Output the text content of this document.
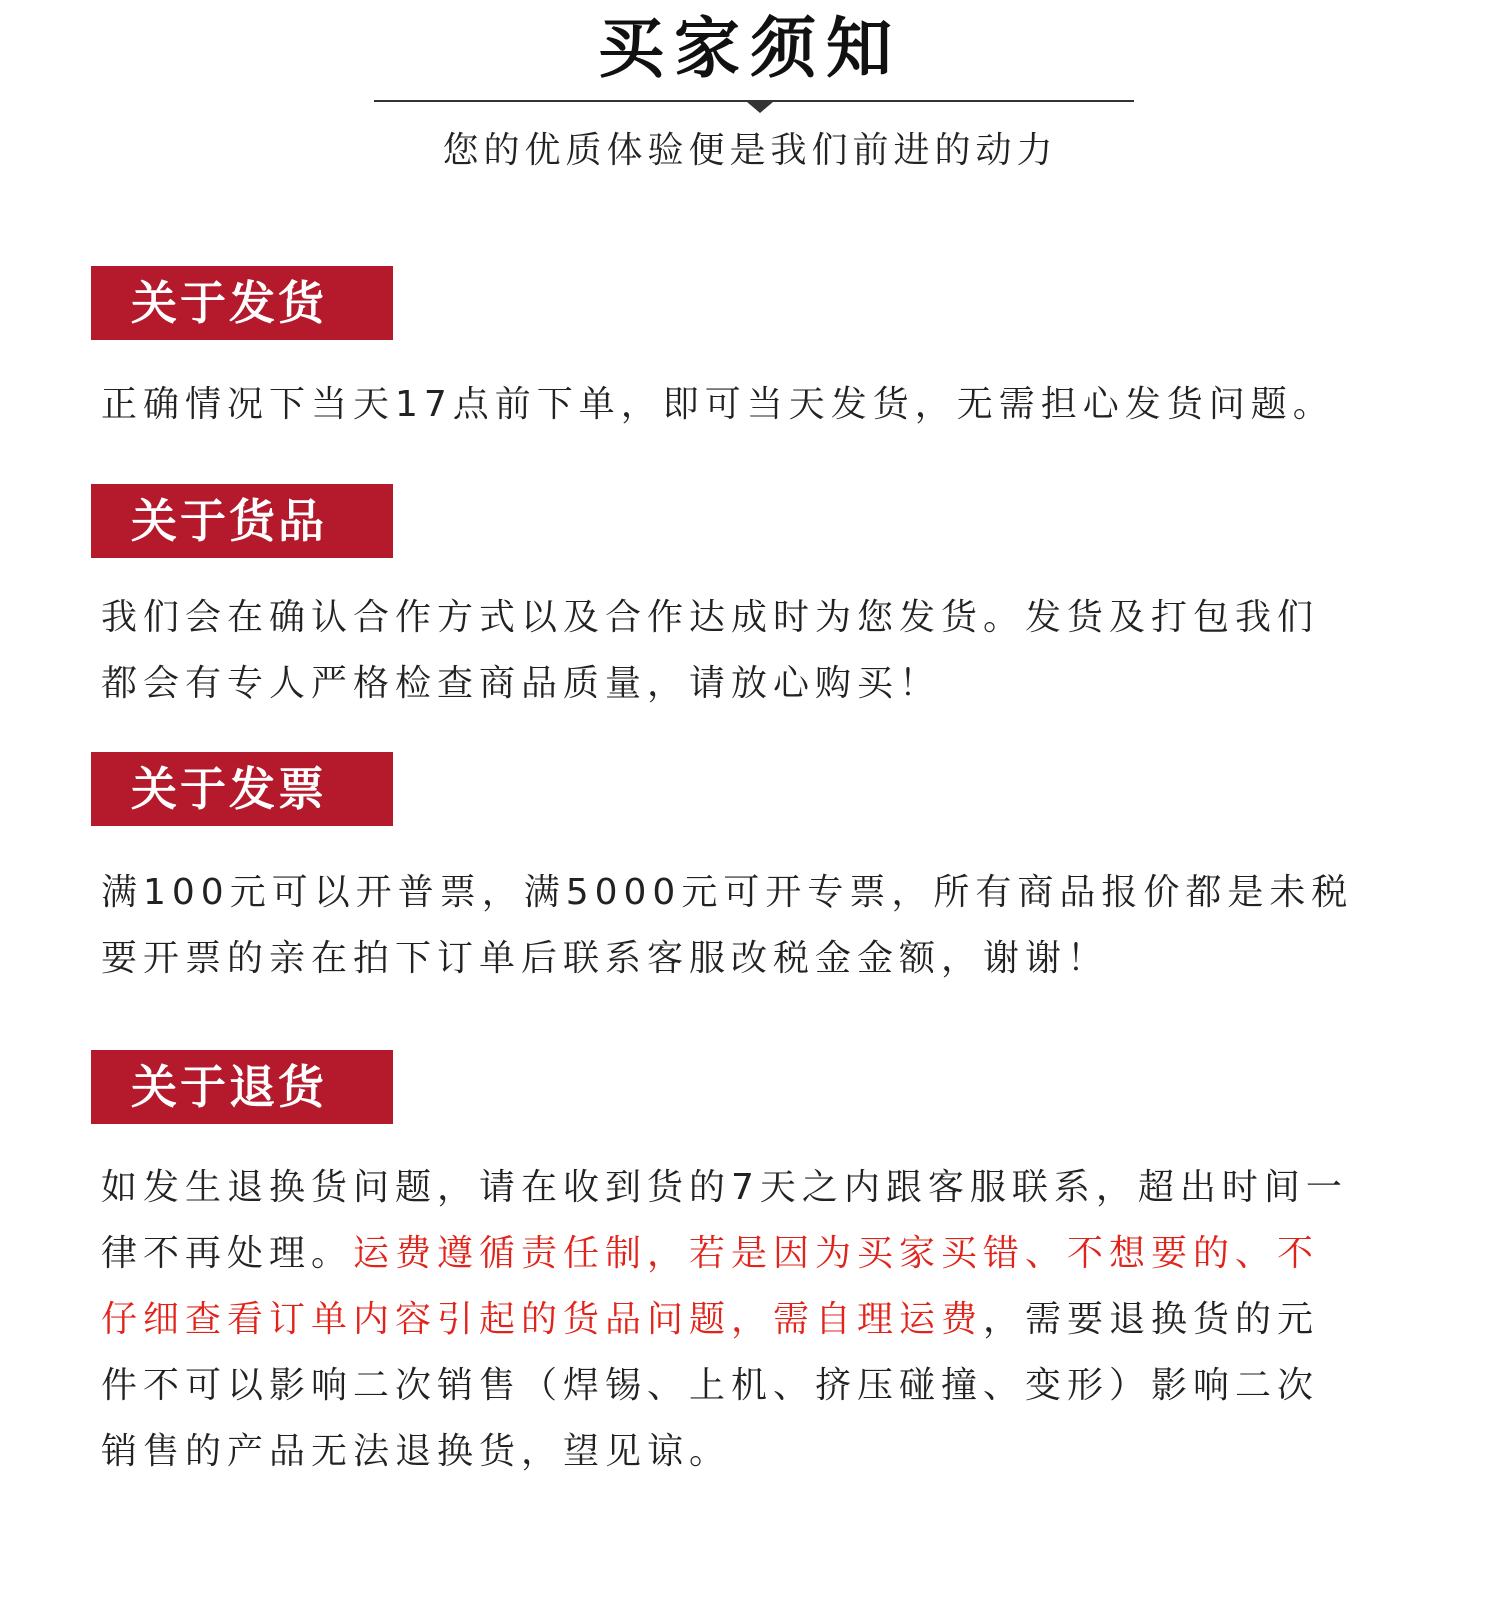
买家须知
您的优质体验便是我们前进的动力
关于发货

正确情况下当天17点前下单，即可当天发货，无需担心发货问题。

关于货品

我们会在确认合作方式以及合作达成时为您发货。发货及打包我们
都会有专人严格检查商品质量，请放心购买！

关于发票

满100元可以开普票，满5000元可开专票，所有商品报价都是未税
要开票的亲在拍下订单后联系客服改税金金额，谢谢！

关于退货

如发生退换货问题，请在收到货的7天之内跟客服联系，超出时间一
律不再处理。运费遵循责任制，若是因为买家买错、不想要的、不
仔细查看订单内容引起的货品问题，需自理运费，需要退换货的元
件不可以影响二次销售（焊锡、上机、挤压碰撞、变形）影响二次
销售的产品无法退换货，望见谅。
